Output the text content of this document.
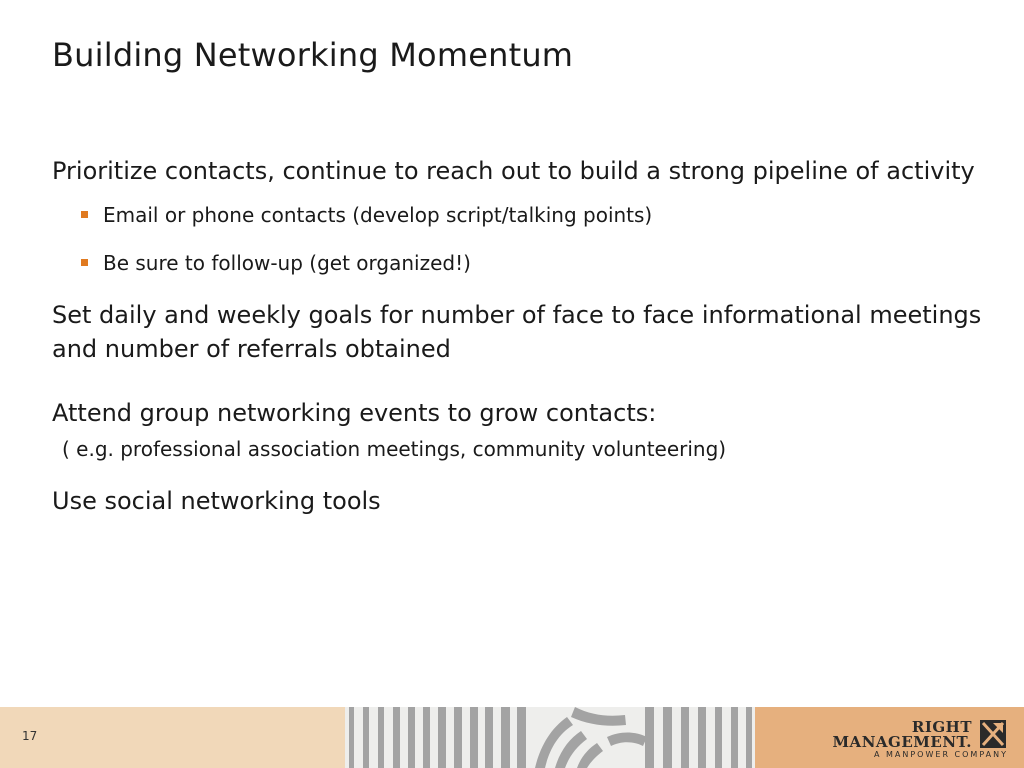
Building Networking Momentum

Prioritize contacts, continue to reach out to build a strong pipeline of activity

Email or phone contacts (develop script/talking points)
Be sure to follow-up (get organized!)

Set daily and weekly goals for number of face to face informational meetings and number of referrals obtained

Attend group networking events to grow contacts:

( e.g. professional association meetings, community volunteering)

Use social networking tools

17	RIGHT
MANAGEMENT.
A MANPOWER COMPANY
